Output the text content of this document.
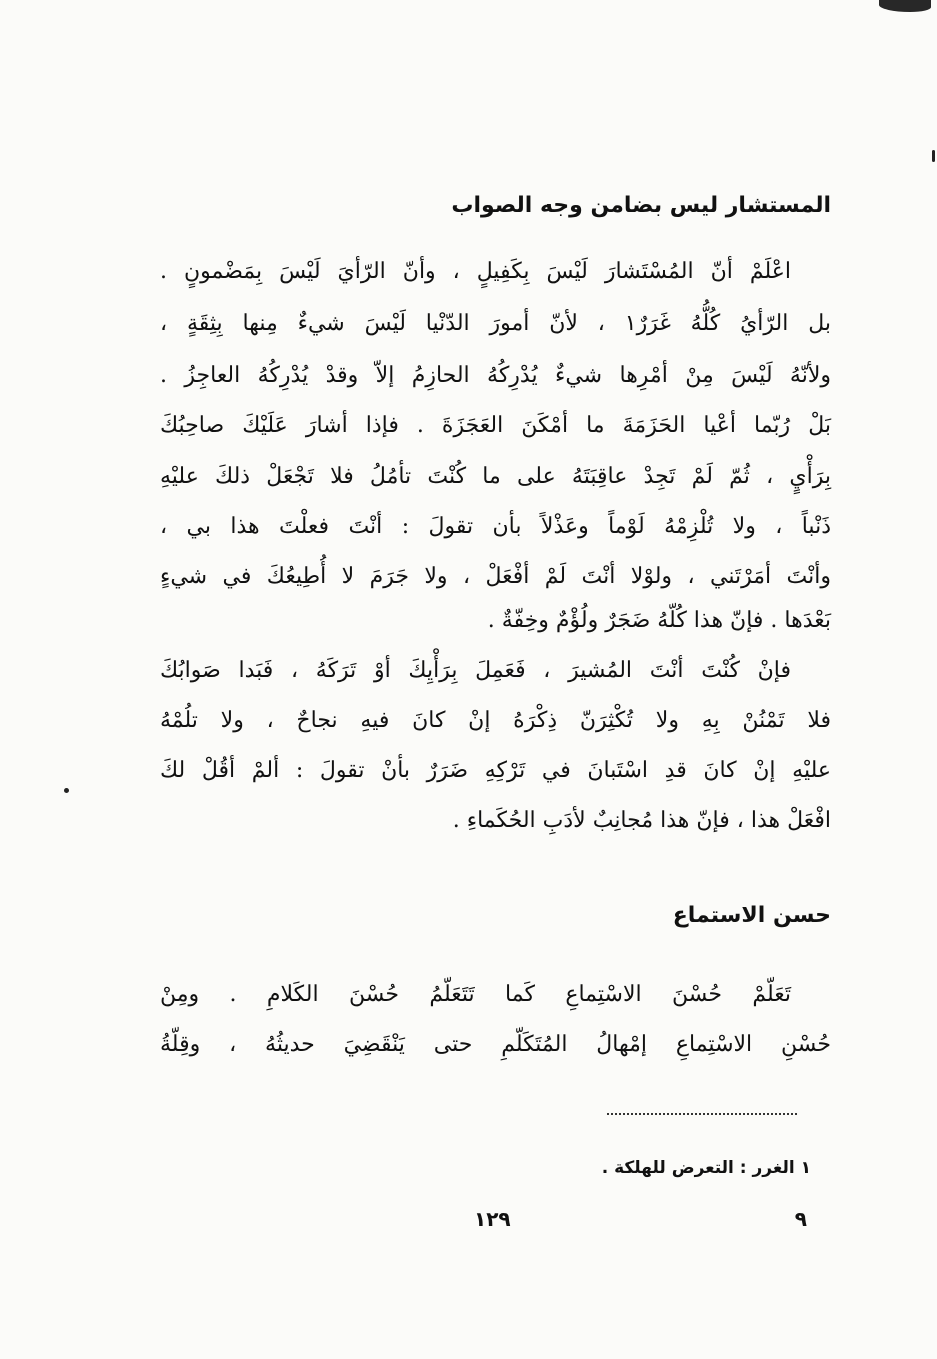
المستشار ليس بضامن وجه الصواب
اعْلَمْ أنّ المُسْتَشارَ لَيْسَ بِكَفِيلٍ ، وأنّ الرّأيَ لَيْسَ بِمَضْمونٍ .
بل الرّأيُ كُلُّهُ غَرَرٌ١ ، لأنّ أمورَ الدّنْيا لَيْسَ شيءٌ مِنها بِثِقَةٍ ،
ولأنّهُ لَيْسَ مِنْ أمْرِها شيءٌ يُدْرِكُهُ الحازِمُ إلاّ وقدْ يُدْرِكُهُ العاجِزُ .
بَلْ رُبّما أعْيا الحَزَمَةَ ما أمْكَنَ العَجَزَةَ . فإذا أشارَ عَلَيْكَ صاحِبُكَ
بِرَأْيٍ ، ثُمّ لَمْ تَجِدْ عاقِبَتَهُ على ما كُنْتَ تأمُلُ فلا تَجْعَلْ ذلكَ عليْهِ
ذَنْباً ، ولا تُلْزِمْهُ لَوْماً وعَذْلاً بأن تقولَ : أنْتَ فعلْتَ هذا بي ،
وأنْتَ أمَرْتَني ، ولوْلا أنْتَ لَمْ أفْعَلْ ، ولا جَرَمَ لا أُطِيعُكَ في شيءٍ
بَعْدَها . فإنّ هذا كُلّهُ ضَجَرٌ ولُؤْمٌ وخِفّةٌ .
فإنْ كُنْتَ أنْتَ المُشيرَ ، فَعَمِلَ بِرَأْيِكَ أوْ تَرَكَهُ ، فَبَدا صَوابُكَ
فلا تَمْنُنْ بِهِ ولا تُكْثِرَنّ ذِكْرَهُ إنْ كانَ فيهِ نجاحٌ ، ولا تلُمْهُ
عليْهِ إنْ كانَ قدِ اسْتَبانَ في تَرْكِهِ ضَرَرٌ بأنْ تقولَ : ألمْ أقُلْ لكَ
افْعَلْ هذا ، فإنّ هذا مُجانِبٌ لأدَبِ الحُكَماءِ .
حسن الاستماع
تَعَلّمْ حُسْنَ الاسْتِماعِ كَما تَتَعَلّمُ حُسْنَ الكَلامِ . ومِنْ
حُسْنِ الاسْتِماعِ إمْهالُ المُتَكَلّمِ حتى يَنْقَضِيَ حديثُهُ ، وقِلّةُ
١ الغرر : التعرض للهلكة .
١٢٩	٩
